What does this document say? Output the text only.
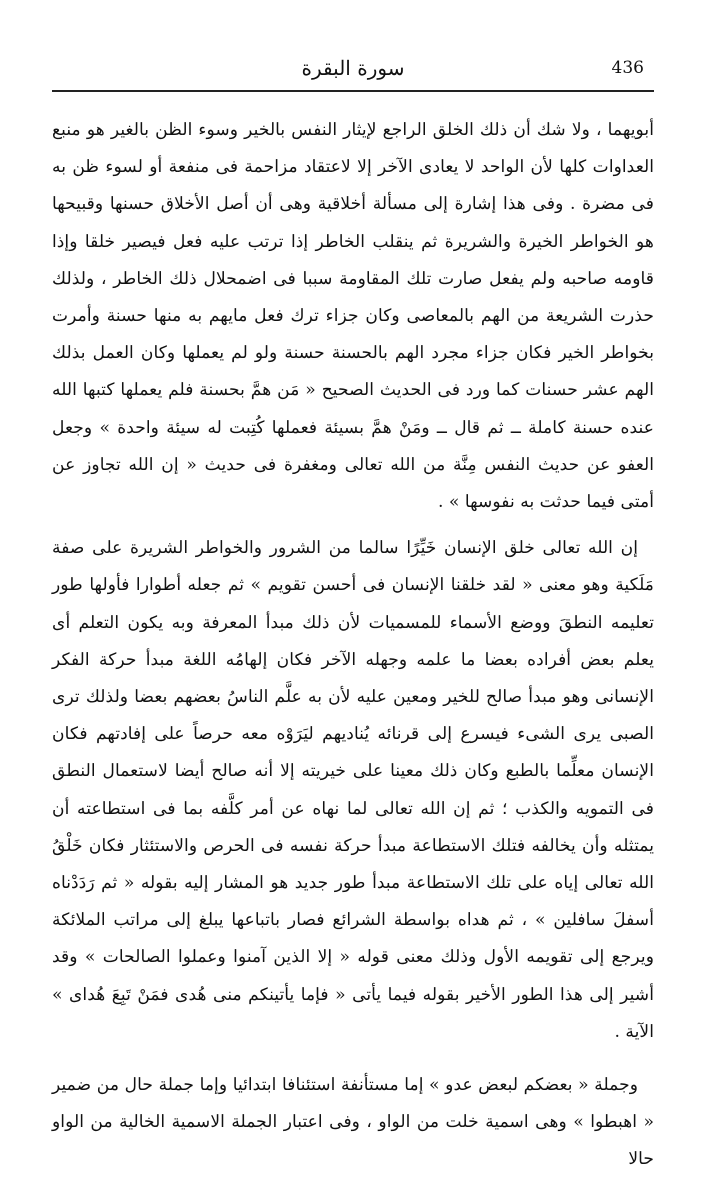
436
سورة البقرة

أبويهما ، ولا شك أن ذلك الخلق الراجع لإيثار النفس بالخير وسوء الظن بالغير هو منبع العداوات كلها لأن الواحد لا يعادى الآخر إلا لاعتقاد مزاحمة فى منفعة أو لسوء ظن به فى مضرة . وفى هذا إشارة إلى مسألة أخلاقية وهى أن أصل الأخلاق حسنها وقبيحها هو الخواطر الخيرة والشريرة ثم ينقلب الخاطر إذا ترتب عليه فعل فيصير خلقا وإذا قاومه صاحبه ولم يفعل صارت تلك المقاومة سببا فى اضمحلال ذلك الخاطر ، ولذلك حذرت الشريعة من الهم بالمعاصى وكان جزاء ترك فعل مايهم به منها حسنة وأمرت بخواطر الخير فكان جزاء مجرد الهم بالحسنة حسنة ولو لم يعملها وكان العمل بذلك الهم عشر حسنات كما ورد فى الحديث الصحيح « مَن همَّ بحسنة فلم يعملها كتبها الله عنده حسنة كاملة ــ ثم قال ــ ومَنْ همَّ بسيئة فعملها كُتِبت له سيئة واحدة » وجعل العفو عن حديث النفس مِنَّة من الله تعالى ومغفرة فى حديث « إن الله تجاوز عن أمتى فيما حدثت به نفوسها » .

إن الله تعالى خلق الإنسان خَيِّرًا سالما من الشرور والخواطر الشريرة على صفة مَلَكية وهو معنى « لقد خلقنا الإنسان فى أحسن تقويم » ثم جعله أطوارا فأولها طور تعليمه النطقَ ووضع الأسماء للمسميات لأن ذلك مبدأ المعرفة وبه يكون التعلم أى يعلم بعض أفراده بعضا ما علمه وجهله الآخر فكان إلهامُه اللغة مبدأ حركة الفكر الإنسانى وهو مبدأ صالح للخير ومعين عليه لأن به علَّم الناسُ بعضهم بعضا ولذلك ترى الصبى يرى الشىء فيسرع إلى قرنائه يُناديهم ليَرَوْه معه حرصاً على إفادتهم فكان الإنسان معلِّما بالطبع وكان ذلك معينا على خيريته إلا أنه صالح أيضا لاستعمال النطق فى التمويه والكذب ؛ ثم إن الله تعالى لما نهاه عن أمر كلَّفه بما فى استطاعته أن يمتثله وأن يخالفه فتلك الاستطاعة مبدأ حركة نفسه فى الحرص والاستئثار فكان خَلْقُ الله تعالى إياه على تلك الاستطاعة مبدأ طور جديد هو المشار إليه بقوله « ثم رَدَدْناه أسفلَ سافلين » ، ثم هداه بواسطة الشرائع فصار باتباعها يبلغ إلى مراتب الملائكة ويرجع إلى تقويمه الأول وذلك معنى قوله « إلا الذين آمنوا وعملوا الصالحات » وقد أشير إلى هذا الطور الأخير بقوله فيما يأتى « فإما يأتينكم منى هُدى فمَنْ تَبِعَ هُداى » الآية .

وجملة « بعضكم لبعض عدو » إما مستأنفة استئنافا ابتدائيا وإما جملة حال من ضمير « اهبطوا » وهى اسمية خلت من الواو ، وفى اعتبار الجملة الاسمية الخالية من الواو حالا
